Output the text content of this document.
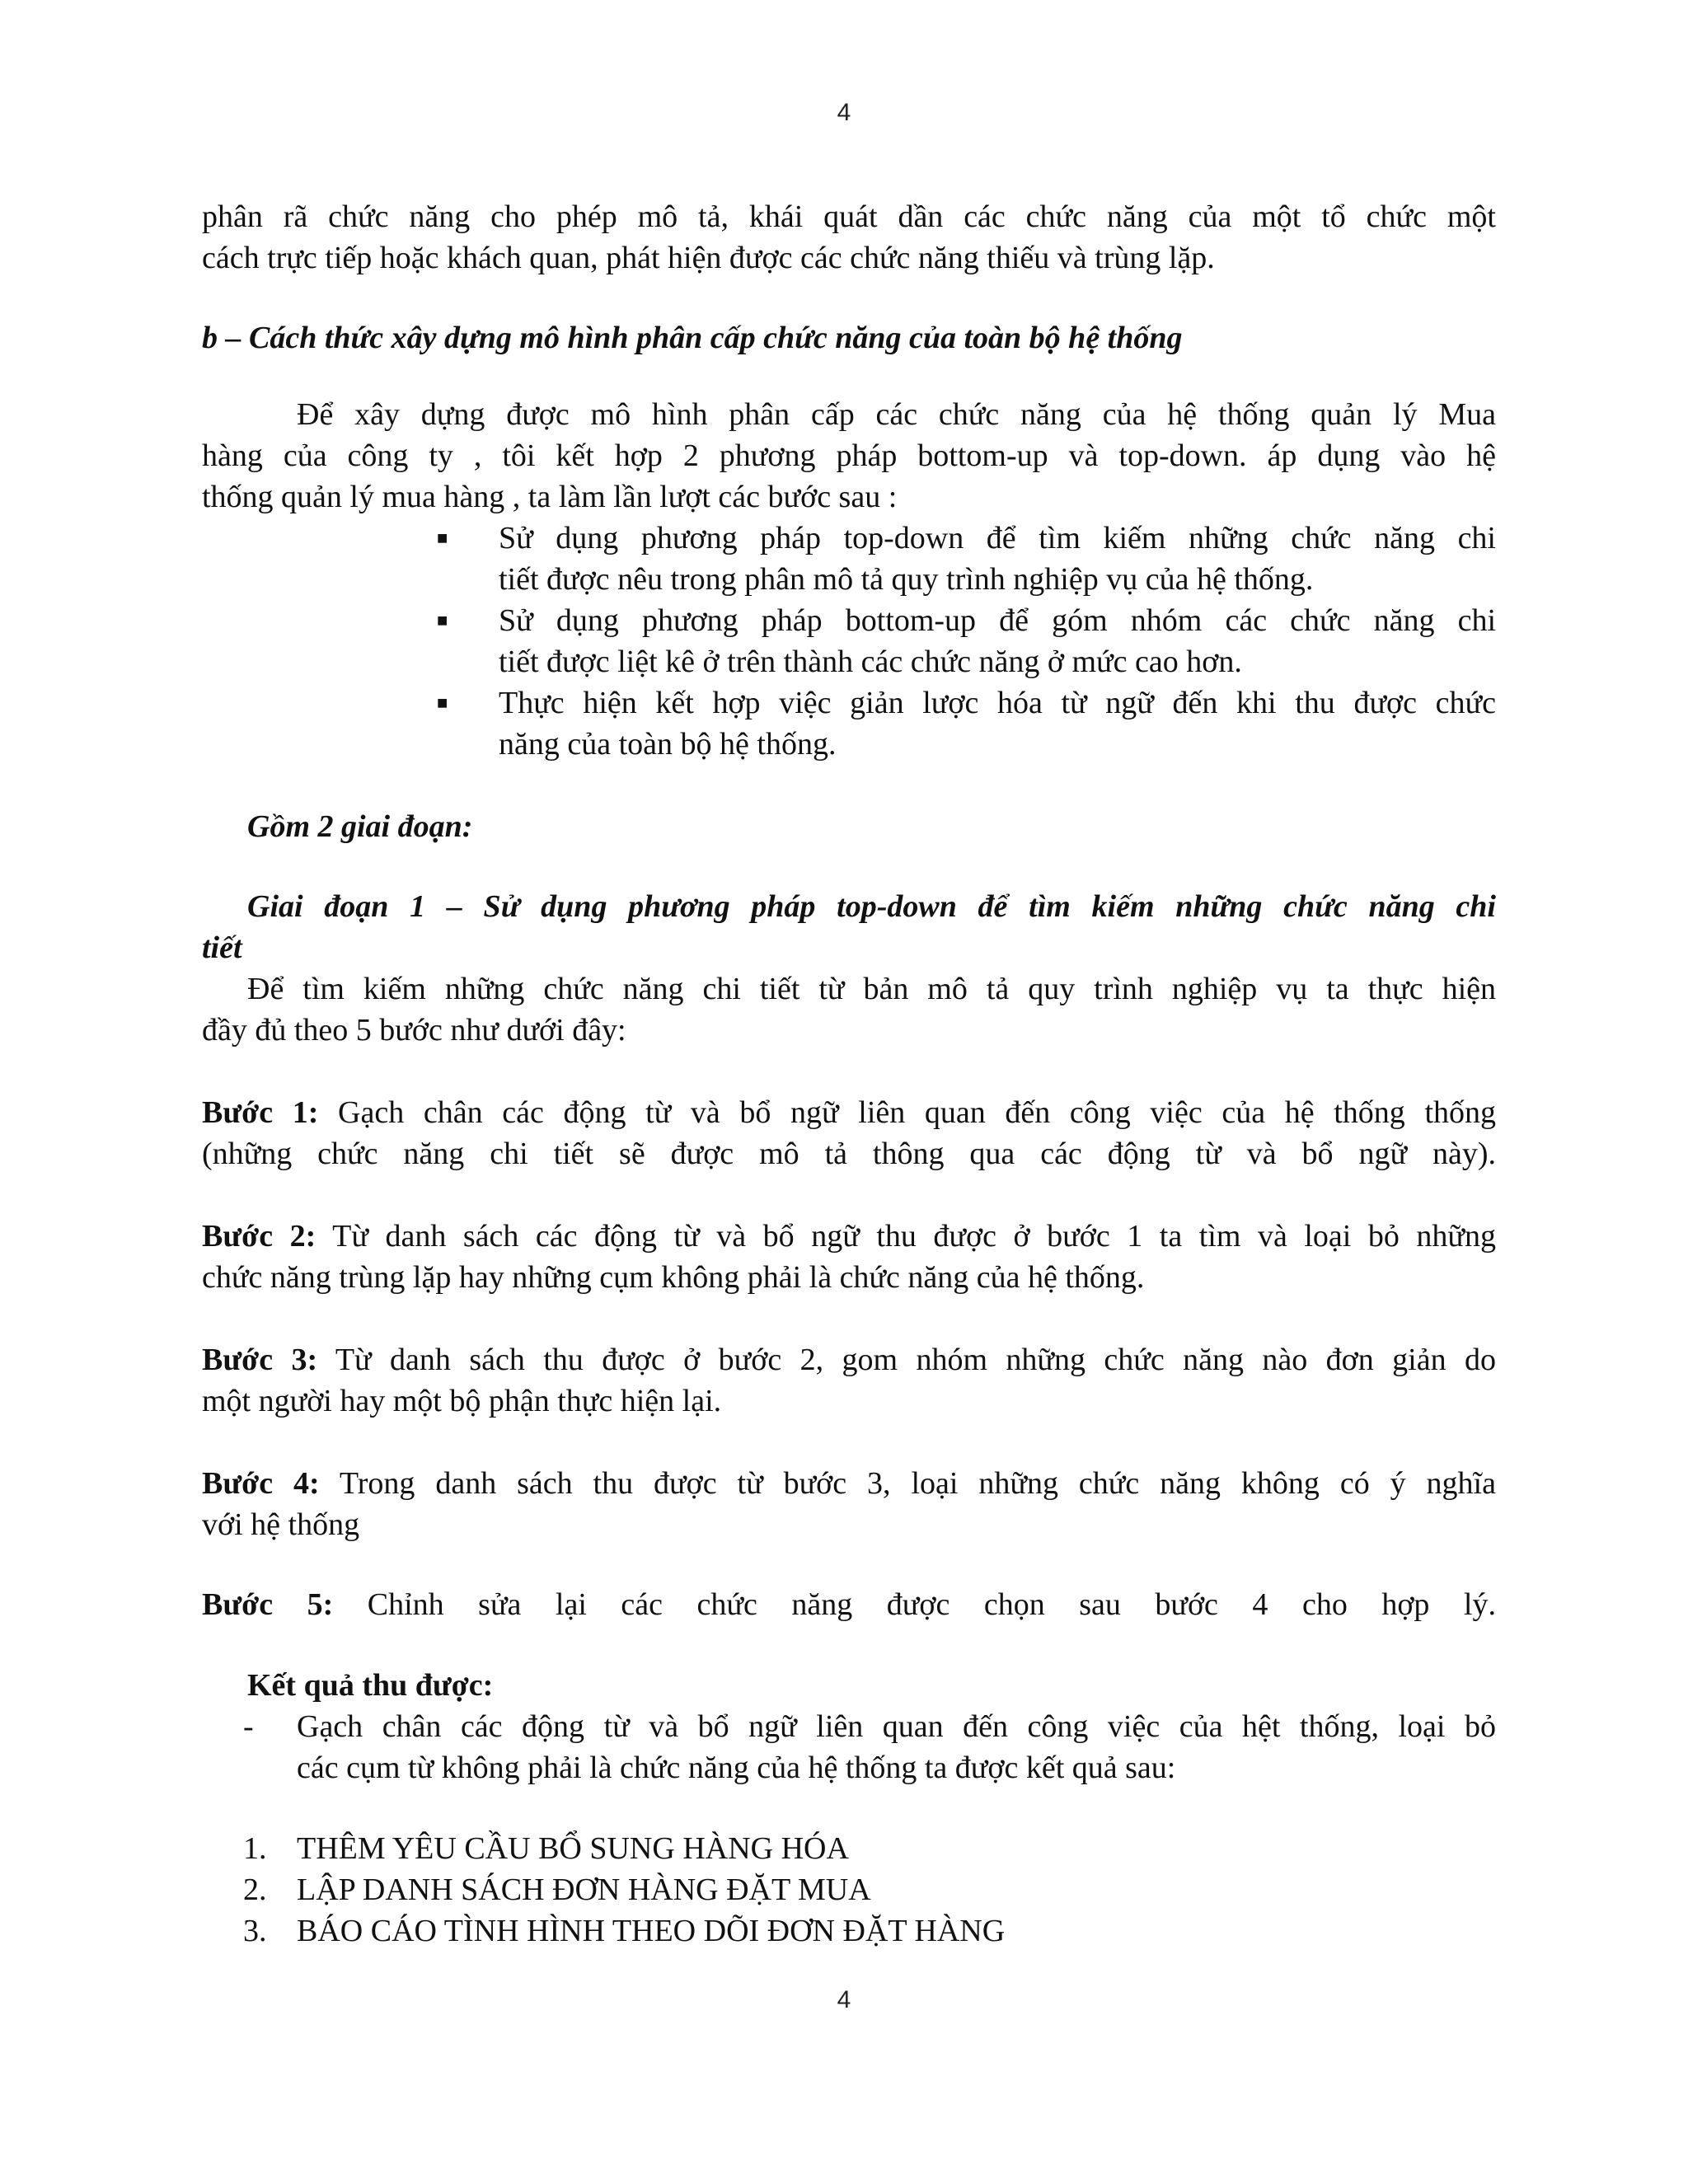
4
phân rã chức năng cho phép mô tả, khái quát dần các chức năng của một tổ chức một
cách trực tiếp hoặc khách quan, phát hiện được các chức năng thiếu và trùng lặp.
b – Cách thức xây dựng mô hình phân cấp chức năng của toàn bộ hệ thống
Để xây dựng được mô hình phân cấp các chức năng của hệ thống quản lý Mua
hàng của công ty , tôi kết hợp 2 phương pháp bottom-up và top-down. áp dụng vào hệ
thống quản lý mua hàng , ta làm lần lượt các bước sau :
■ Sử dụng phương pháp top-down để tìm kiếm những chức năng chi
tiết được nêu trong phân mô tả quy trình nghiệp vụ của hệ thống.
■ Sử dụng phương pháp bottom-up để góm nhóm các chức năng chi
tiết được liệt kê ở trên thành các chức năng ở mức cao hơn.
■ Thực hiện kết hợp việc giản lược hóa từ ngữ đến khi thu được chức
năng của toàn bộ hệ thống.
Gồm 2 giai đoạn:
Giai đoạn 1 – Sử dụng phương pháp top-down để tìm kiếm những chức năng chi
tiết
Để tìm kiếm những chức năng chi tiết từ bản mô tả quy trình nghiệp vụ ta thực hiện
đầy đủ theo 5 bước như dưới đây:
Bước 1: Gạch chân các động từ và bổ ngữ liên quan đến công việc của hệ thống thống
(những chức năng chi tiết sẽ được mô tả thông qua các động từ và bổ ngữ này).
Bước 2: Từ danh sách các động từ và bổ ngữ thu được ở bước 1 ta tìm và loại bỏ những
chức năng trùng lặp hay những cụm không phải là chức năng của hệ thống.
Bước 3: Từ danh sách thu được ở bước 2, gom nhóm những chức năng nào đơn giản do
một người hay một bộ phận thực hiện lại.
Bước 4: Trong danh sách thu được từ bước 3, loại những chức năng không có ý nghĩa
với hệ thống
Bước 5: Chỉnh sửa lại các chức năng được chọn sau bước 4 cho hợp lý.
Kết quả thu được:
- Gạch chân các động từ và bổ ngữ liên quan đến công việc của hệt thống, loại bỏ
các cụm từ không phải là chức năng của hệ thống ta được kết quả sau:
1. THÊM YÊU CẦU BỔ SUNG HÀNG HÓA
2. LẬP DANH SÁCH ĐƠN HÀNG ĐẶT MUA
3. BÁO CÁO TÌNH HÌNH THEO DÕI ĐƠN ĐẶT HÀNG
4
